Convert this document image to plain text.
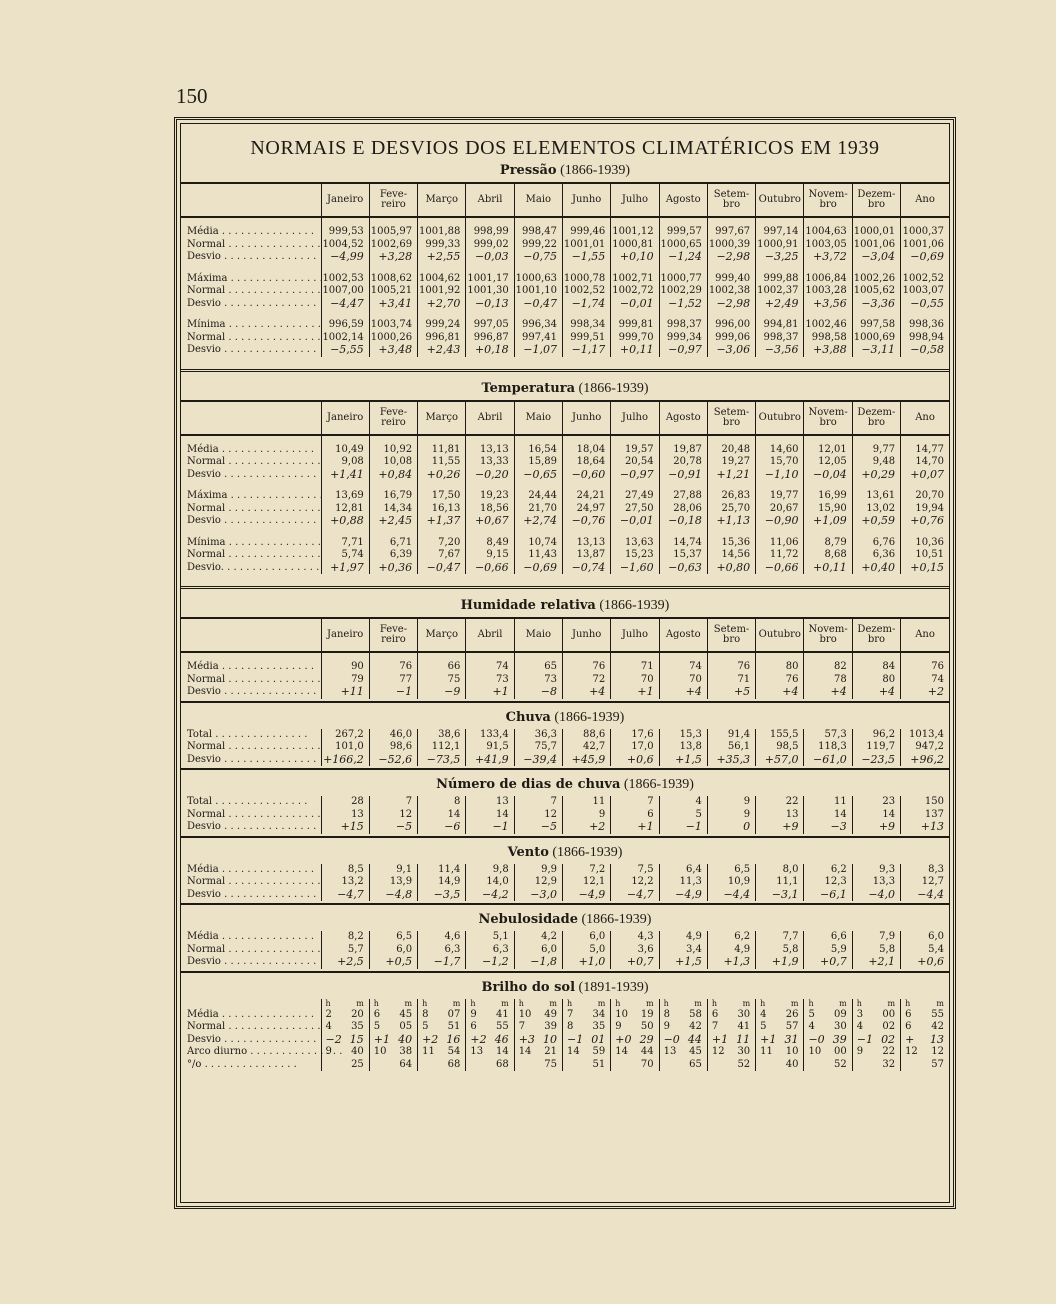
150
NORMAIS E DESVIOS DOS ELEMENTOS CLIMATÉRICOS EM 1939
Pressão (1866-1939)
	Janeiro	Feve-
reiro	Março	Abril	Maio	Junho	Julho	Agosto	Setem-
bro	Outubro	Novem-
bro	Dezem-
bro	Ano

Média . . .	999,53	1005,97	1001,88	998,99	998,47	999,46	1001,12	999,57	997,67	997,14	1004,63	1000,01	1000,37
Normal . . .	1004,52	1002,69	999,33	999,02	999,22	1001,01	1000,81	1000,65	1000,39	1000,91	1003,05	1001,06	1001,06
Desvio . . .	−4,99	+3,28	+2,55	−0,03	−0,75	−1,55	+0,10	−1,24	−2,98	−3,25	+3,72	−3,04	−0,69

Máxima . . .	1002,53	1008,62	1004,62	1001,17	1000,63	1000,78	1002,71	1000,77	999,40	999,88	1006,84	1002,26	1002,52
Normal . . .	1007,00	1005,21	1001,92	1001,30	1001,10	1002,52	1002,72	1002,29	1002,38	1002,37	1003,28	1005,62	1003,07
Desvio . . .	−4,47	+3,41	+2,70	−0,13	−0,47	−1,74	−0,01	−1,52	−2,98	+2,49	+3,56	−3,36	−0,55

Mínima . . .	996,59	1003,74	999,24	997,05	996,34	998,34	999,81	998,37	996,00	994,81	1002,46	997,58	998,36
Normal . . .	1002,14	1000,26	996,81	996,87	997,41	999,51	999,70	999,34	999,06	998,37	998,58	1000,69	998,94
Desvio . . .	−5,55	+3,48	+2,43	+0,18	−1,07	−1,17	+0,11	−0,97	−3,06	−3,56	+3,88	−3,11	−0,58
Temperatura (1866-1939)
	Janeiro	Feve-
reiro	Março	Abril	Maio	Junho	Julho	Agosto	Setem-
bro	Outubro	Novem-
bro	Dezem-
bro	Ano

Média . . .	10,49	10,92	11,81	13,13	16,54	18,04	19,57	19,87	20,48	14,60	12,01	9,77	14,77
Normal . . .	9,08	10,08	11,55	13,33	15,89	18,64	20,54	20,78	19,27	15,70	12,05	9,48	14,70
Desvio . . .	+1,41	+0,84	+0,26	−0,20	−0,65	−0,60	−0,97	−0,91	+1,21	−1,10	−0,04	+0,29	+0,07

Máxima . . .	13,69	16,79	17,50	19,23	24,44	24,21	27,49	27,88	26,83	19,77	16,99	13,61	20,70
Normal . . .	12,81	14,34	16,13	18,56	21,70	24,97	27,50	28,06	25,70	20,67	15,90	13,02	19,94
Desvio . . .	+0,88	+2,45	+1,37	+0,67	+2,74	−0,76	−0,01	−0,18	+1,13	−0,90	+1,09	+0,59	+0,76

Mínima . . .	7,71	6,71	7,20	8,49	10,74	13,13	13,63	14,74	15,36	11,06	8,79	6,76	10,36
Normal . . .	5,74	6,39	7,67	9,15	11,43	13,87	15,23	15,37	14,56	11,72	8,68	6,36	10,51
Desvio. . . .	+1,97	+0,36	−0,47	−0,66	−0,69	−0,74	−1,60	−0,63	+0,80	−0,66	+0,11	+0,40	+0,15
Humidade relativa (1866-1939)
	Janeiro	Feve-
reiro	Março	Abril	Maio	Junho	Julho	Agosto	Setem-
bro	Outubro	Novem-
bro	Dezem-
bro	Ano

Média . . .	90	76	66	74	65	76	71	74	76	80	82	84	76
Normal . . .	79	77	75	73	73	72	70	70	71	76	78	80	74
Desvio . . .	+11	−1	−9	+1	−8	+4	+1	+4	+5	+4	+4	+4	+2
Chuva (1866-1939)
Total . . .	267,2	46,0	38,6	133,4	36,3	88,6	17,6	15,3	91,4	155,5	57,3	96,2	1013,4
Normal . . .	101,0	98,6	112,1	91,5	75,7	42,7	17,0	13,8	56,1	98,5	118,3	119,7	947,2
Desvio . . .	+166,2	−52,6	−73,5	+41,9	−39,4	+45,9	+0,6	+1,5	+35,3	+57,0	−61,0	−23,5	+96,2
Número de dias de chuva (1866-1939)
Total . . .	28	7	8	13	7	11	7	4	9	22	11	23	150
Normal . . .	13	12	14	14	12	9	6	5	9	13	14	14	137
Desvio . . .	+15	−5	−6	−1	−5	+2	+1	−1	0	+9	−3	+9	+13
Vento (1866-1939)
Média . . .	8,5	9,1	11,4	9,8	9,9	7,2	7,5	6,4	6,5	8,0	6,2	9,3	8,3
Normal . . .	13,2	13,9	14,9	14,0	12,9	12,1	12,2	11,3	10,9	11,1	12,3	13,3	12,7
Desvio . . .	−4,7	−4,8	−3,5	−4,2	−3,0	−4,9	−4,7	−4,9	−4,4	−3,1	−6,1	−4,0	−4,4
Nebulosidade (1866-1939)
Média . . .	8,2	6,5	4,6	5,1	4,2	6,0	4,3	4,9	6,2	7,7	6,6	7,9	6,0
Normal . . .	5,7	6,0	6,3	6,3	6,0	5,0	3,6	3,4	4,9	5,8	5,9	5,8	5,4
Desvio . . .	+2,5	+0,5	−1,7	−1,2	−1,8	+1,0	+0,7	+1,5	+1,3	+1,9	+0,7	+2,1	+0,6
Brilho do sol (1891-1939)

	h m	h m	h m	h m	h m	h m	h m	h m	h m	h m	h m	h m	h m

Média . . .	2 20	6 45	8 07	9 41	10 49	7 34	10 19	8 58	6 30	4 26	5 09	3 00	6 55

Normal . . .	4 35	5 05	5 51	6 55	7 39	8 35	9 50	9 42	7 41	5 57	4 30	4 02	6 42

Desvio . . .	−2 15	+1 40	+2 16	+2 46	+3 10	−1 01	+0 29	−0 44	+1 11	+1 31	−0 39	−1 02	+ 13

Arco diurno . . .	9 40	10 38	11 54	13 14	14 21	14 59	14 44	13 45	12 30	11 10	10 00	9 22	12 12

°/o . . .	25	64	68	68	75	51	70	65	52	40	52	32	57
